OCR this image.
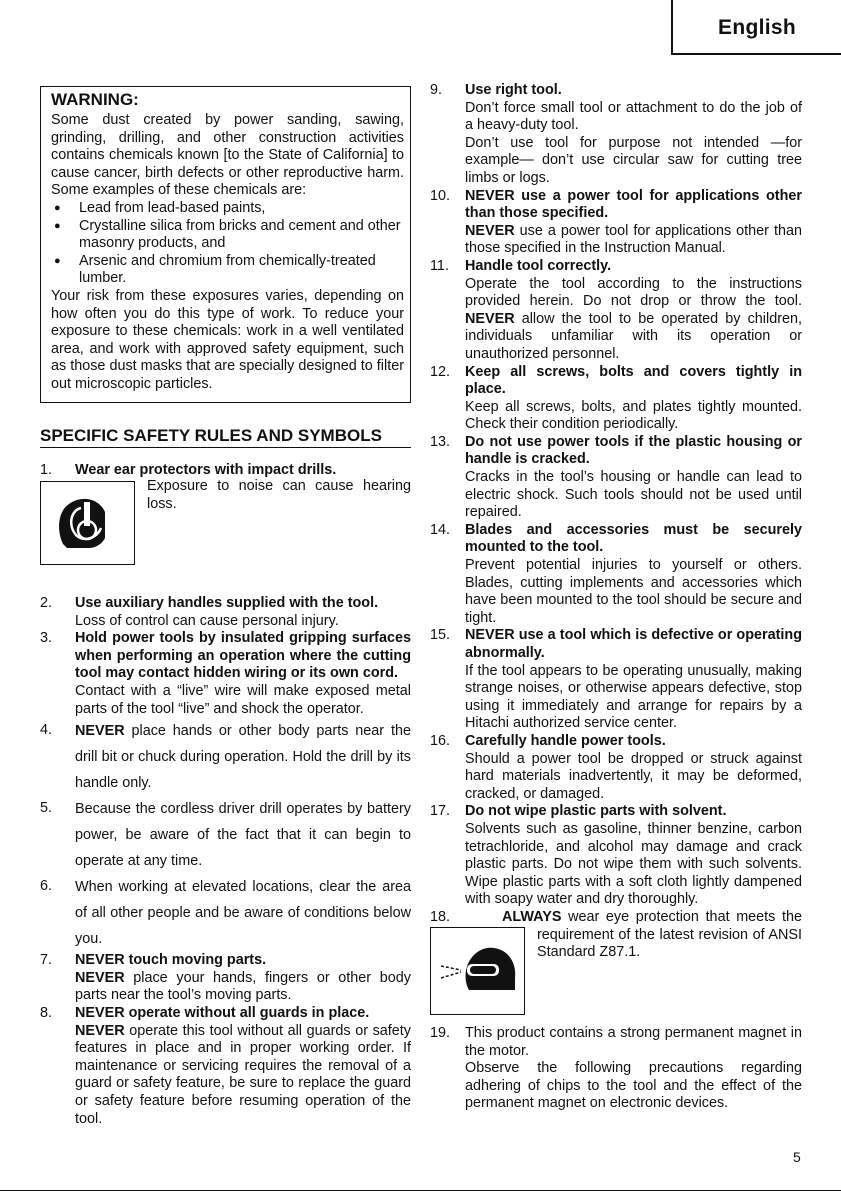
English
WARNING:

Some dust created by power sanding, sawing, grinding, drilling, and other construction activities contains chemicals known [to the State of California] to cause cancer, birth defects or other reproductive harm. Some examples of these chemicals are:

● Lead from lead-based paints,
● Crystalline silica from bricks and cement and other masonry products, and
● Arsenic and chromium from chemically-treated lumber.

Your risk from these exposures varies, depending on how often you do this type of work. To reduce your exposure to these chemicals: work in a well ventilated area, and work with approved safety equipment, such as those dust masks that are specially designed to filter out microscopic particles.

SPECIFIC SAFETY RULES AND SYMBOLS
1. Wear ear protectors with impact drills.

Exposure to noise can cause hearing loss.

2. Use auxiliary handles supplied with the tool.

Loss of control can cause personal injury.

3. Hold power tools by insulated gripping surfaces when performing an operation where the cutting tool may contact hidden wiring or its own cord.

Contact with a “live” wire will make exposed metal parts of the tool “live” and shock the operator.

4. NEVER place hands or other body parts near the drill bit or chuck during operation. Hold the drill by its handle only.

5. Because the cordless driver drill operates by battery power, be aware of the fact that it can begin to operate at any time.

6. When working at elevated locations, clear the area of all other people and be aware of conditions below you.

7. NEVER touch moving parts.

NEVER place your hands, fingers or other body parts near the tool’s moving parts.

8. NEVER operate without all guards in place.

NEVER operate this tool without all guards or safety features in place and in proper working order. If maintenance or servicing requires the removal of a guard or safety feature, be sure to replace the guard or safety feature before resuming operation of the tool.

9. Use right tool.

Don’t force small tool or attachment to do the job of a heavy-duty tool.

Don’t use tool for purpose not intended —for example— don’t use circular saw for cutting tree limbs or logs.

10. NEVER use a power tool for applications other than those specified.

NEVER use a power tool for applications other than those specified in the Instruction Manual.

11. Handle tool correctly.

Operate the tool according to the instructions provided herein. Do not drop or throw the tool. NEVER allow the tool to be operated by children, individuals unfamiliar with its operation or unauthorized personnel.

12. Keep all screws, bolts and covers tightly in place.

Keep all screws, bolts, and plates tightly mounted. Check their condition periodically.

13. Do not use power tools if the plastic housing or handle is cracked.

Cracks in the tool’s housing or handle can lead to electric shock. Such tools should not be used until repaired.

14. Blades and accessories must be securely mounted to the tool.

Prevent potential injuries to yourself or others. Blades, cutting implements and accessories which have been mounted to the tool should be secure and tight.

15. NEVER use a tool which is defective or operating abnormally.

If the tool appears to be operating unusually, making strange noises, or otherwise appears defective, stop using it immediately and arrange for repairs by a Hitachi authorized service center.

16. Carefully handle power tools.

Should a power tool be dropped or struck against hard materials inadvertently, it may be deformed, cracked, or damaged.

17. Do not wipe plastic parts with solvent.

Solvents such as gasoline, thinner benzine, carbon tetrachloride, and alcohol may damage and crack plastic parts. Do not wipe them with such solvents. Wipe plastic parts with a soft cloth lightly dampened with soapy water and dry thoroughly.

18.	ALWAYS wear eye protection that meets the requirement of the latest revision of ANSI Standard Z87.1.

19. This product contains a strong permanent magnet in the motor.

Observe the following precautions regarding adhering of chips to the tool and the effect of the permanent magnet on electronic devices.

5
